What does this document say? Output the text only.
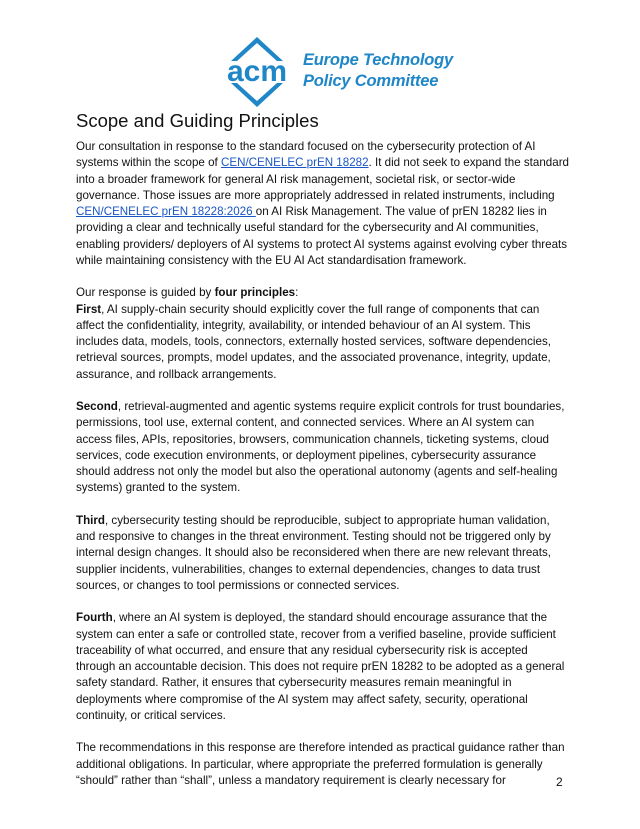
acm Europe Technology
Policy Committee
Scope and Guiding Principles

Our consultation in response to the standard focused on the cybersecurity protection of AI
systems within the scope of CEN/CENELEC prEN 18282. It did not seek to expand the standard
into a broader framework for general AI risk management, societal risk, or sector-wide
governance. Those issues are more appropriately addressed in related instruments, including
CEN/CENELEC prEN 18228:2026 on AI Risk Management. The value of prEN 18282 lies in
providing a clear and technically useful standard for the cybersecurity and AI communities,
enabling providers/ deployers of AI systems to protect AI systems against evolving cyber threats
while maintaining consistency with the EU AI Act standardisation framework.

Our response is guided by four principles:

First, AI supply-chain security should explicitly cover the full range of components that can
affect the confidentiality, integrity, availability, or intended behaviour of an AI system. This
includes data, models, tools, connectors, externally hosted services, software dependencies,
retrieval sources, prompts, model updates, and the associated provenance, integrity, update,
assurance, and rollback arrangements.

Second, retrieval-augmented and agentic systems require explicit controls for trust boundaries,
permissions, tool use, external content, and connected services. Where an AI system can
access files, APIs, repositories, browsers, communication channels, ticketing systems, cloud
services, code execution environments, or deployment pipelines, cybersecurity assurance
should address not only the model but also the operational autonomy (agents and self-healing
systems) granted to the system.

Third, cybersecurity testing should be reproducible, subject to appropriate human validation,
and responsive to changes in the threat environment. Testing should not be triggered only by
internal design changes. It should also be reconsidered when there are new relevant threats,
supplier incidents, vulnerabilities, changes to external dependencies, changes to data trust
sources, or changes to tool permissions or connected services.

Fourth, where an AI system is deployed, the standard should encourage assurance that the
system can enter a safe or controlled state, recover from a verified baseline, provide sufficient
traceability of what occurred, and ensure that any residual cybersecurity risk is accepted
through an accountable decision. This does not require prEN 18282 to be adopted as a general
safety standard. Rather, it ensures that cybersecurity measures remain meaningful in
deployments where compromise of the AI system may affect safety, security, operational
continuity, or critical services.

The recommendations in this response are therefore intended as practical guidance rather than
additional obligations. In particular, where appropriate the preferred formulation is generally
“should” rather than “shall”, unless a mandatory requirement is clearly necessary for	2
